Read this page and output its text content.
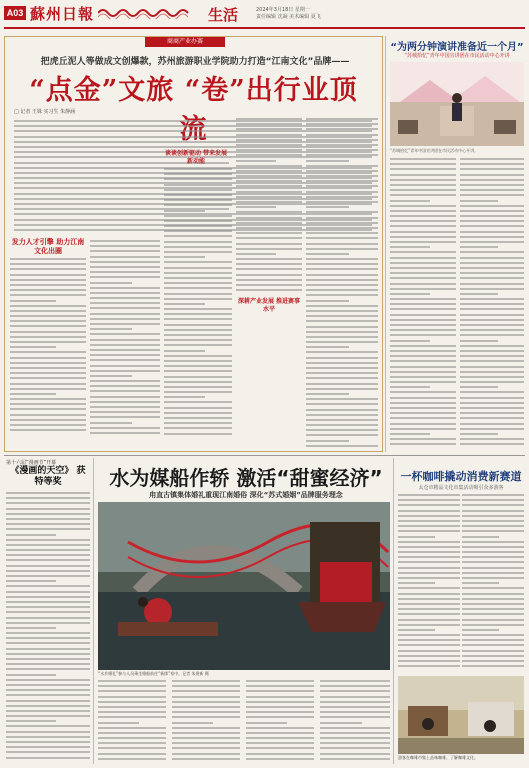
A03 蘇州日報	生活	2024年3月18日 星期一
责任编辑 沈凝 美术编辑 夏飞
商商产业办赛
把虎丘泥人等做成文创爆款，苏州旅游职业学院助力打造“江南文化”品牌——
“点金”文旅 “卷”出行业顶
□ 记者 王姝 实习生 朱静涵
发力人才引擎 助力江南文化出圈
谈谈创新驱动 带来发展新动能
深耕产业发展 推进赛事水平
“为两分钟演讲准备近一个月”
“苏城拾忆”青年中国宣讲团在市民活动中心开讲
“苏城拾忆”青年中国宣讲团在市民活动中心开讲。
第十六届“漫画节”开幕
《漫画的天空》 获特等奖	水为媒船作轿 激活“甜蜜经济”
甪直古镇集体婚礼重现江南婚俗 深化“苏式婚姻”品牌服务理念
“水乡婚礼”参与人员乘坐婚船前往“新郎”家中。记者 朱建新 摄
一杯咖啡撬动消费新赛道
太仓市精品文化市集活动吸引众多游客
游客在咖啡市集上品味咖啡、了解咖啡文化。
